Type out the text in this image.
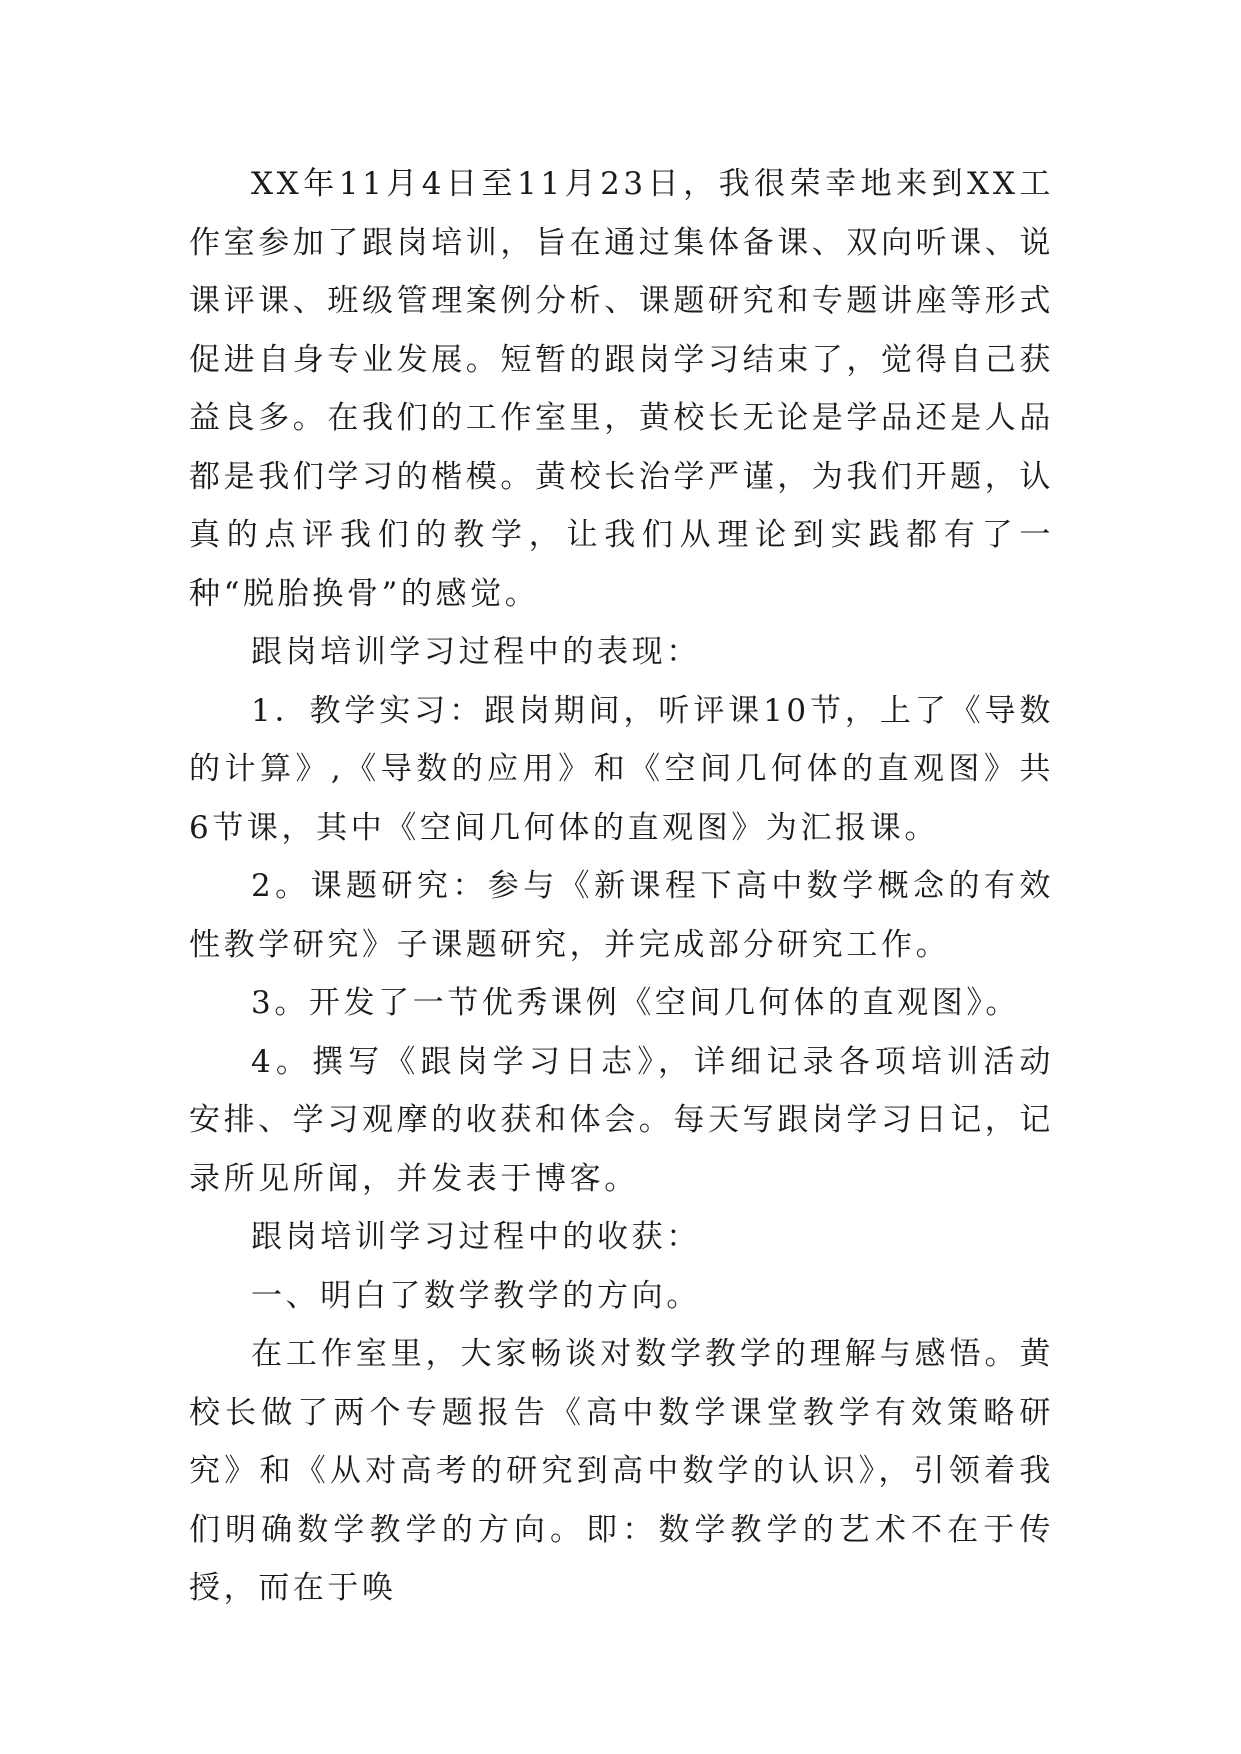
XX年11月4日至11月23日，我很荣幸地来到XX工作室参加了跟岗培训，旨在通过集体备课、双向听课、说课评课、班级管理案例分析、课题研究和专题讲座等形式促进自身专业发展。短暂的跟岗学习结束了，觉得自己获益良多。在我们的工作室里，黄校长无论是学品还是人品都是我们学习的楷模。黄校长治学严谨，为我们开题，认真的点评我们的教学，让我们从理论到实践都有了一种“脱胎换骨”的感觉。

跟岗培训学习过程中的表现：

1．教学实习：跟岗期间，听评课10节，上了《导数的计算》,《导数的应用》和《空间几何体的直观图》共6节课，其中《空间几何体的直观图》为汇报课。

2。课题研究：参与《新课程下高中数学概念的有效性教学研究》子课题研究，并完成部分研究工作。

3。开发了一节优秀课例《空间几何体的直观图》。

4。撰写《跟岗学习日志》，详细记录各项培训活动安排、学习观摩的收获和体会。每天写跟岗学习日记，记录所见所闻，并发表于博客。

跟岗培训学习过程中的收获：

一、明白了数学教学的方向。

在工作室里，大家畅谈对数学教学的理解与感悟。黄校长做了两个专题报告《高中数学课堂教学有效策略研究》和《从对高考的研究到高中数学的认识》，引领着我们明确数学教学的方向。即：数学教学的艺术不在于传授，而在于唤
